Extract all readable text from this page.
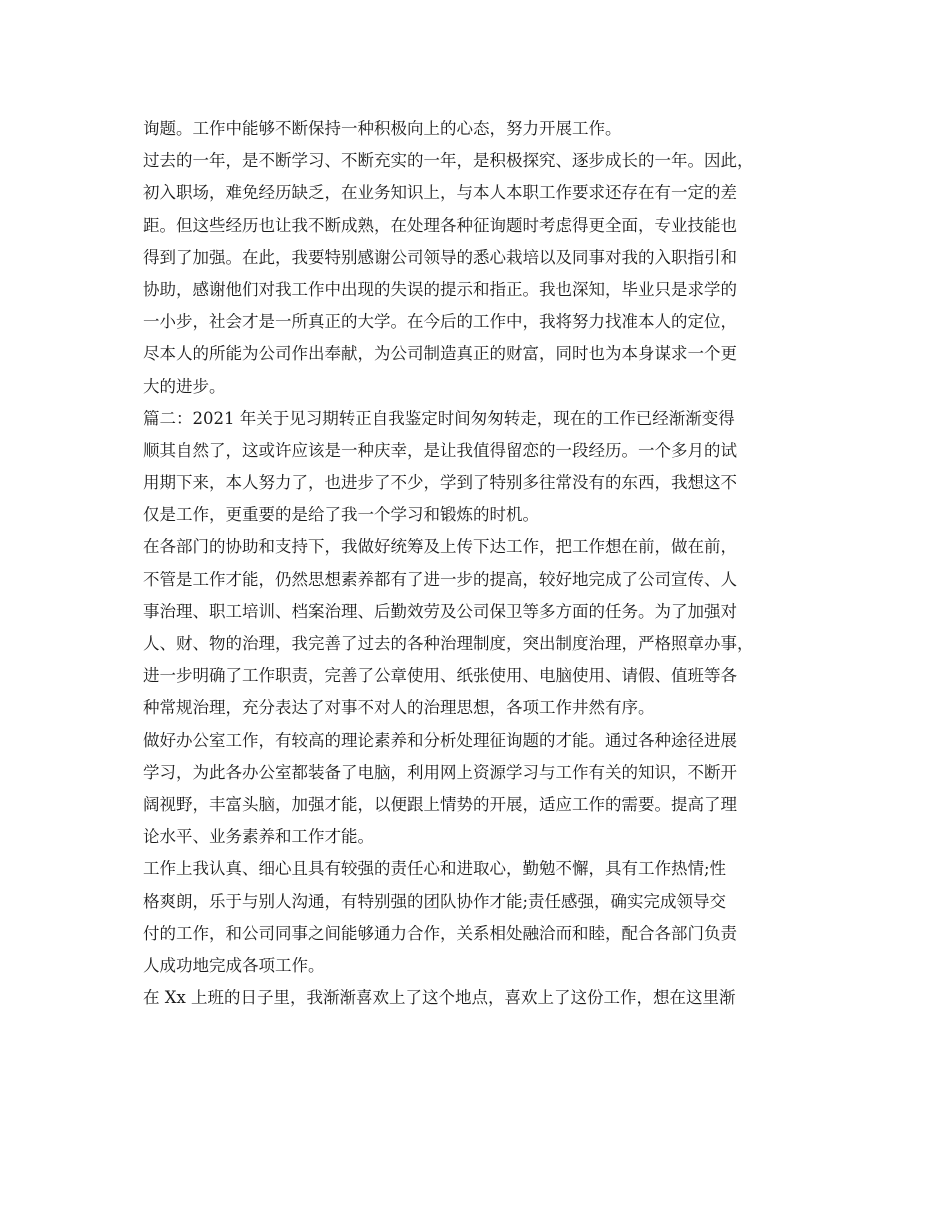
询题。工作中能够不断保持一种积极向上的心态，努力开展工作。
过去的一年，是不断学习、不断充实的一年，是积极探究、逐步成长的一年。因此，
初入职场，难免经历缺乏，在业务知识上，与本人本职工作要求还存在有一定的差
距。但这些经历也让我不断成熟，在处理各种征询题时考虑得更全面，专业技能也
得到了加强。在此，我要特别感谢公司领导的悉心栽培以及同事对我的入职指引和
协助，感谢他们对我工作中出现的失误的提示和指正。我也深知，毕业只是求学的
一小步，社会才是一所真正的大学。在今后的工作中，我将努力找准本人的定位，
尽本人的所能为公司作出奉献，为公司制造真正的财富，同时也为本身谋求一个更
大的进步。
篇二：2021 年关于见习期转正自我鉴定时间匆匆转走，现在的工作已经渐渐变得
顺其自然了，这或许应该是一种庆幸，是让我值得留恋的一段经历。一个多月的试
用期下来，本人努力了，也进步了不少，学到了特别多往常没有的东西，我想这不
仅是工作，更重要的是给了我一个学习和锻炼的时机。
在各部门的协助和支持下，我做好统筹及上传下达工作，把工作想在前，做在前，
不管是工作才能，仍然思想素养都有了进一步的提高，较好地完成了公司宣传、人
事治理、职工培训、档案治理、后勤效劳及公司保卫等多方面的任务。为了加强对
人、财、物的治理，我完善了过去的各种治理制度，突出制度治理，严格照章办事，
进一步明确了工作职责，完善了公章使用、纸张使用、电脑使用、请假、值班等各
种常规治理，充分表达了对事不对人的治理思想，各项工作井然有序。
做好办公室工作，有较高的理论素养和分析处理征询题的才能。通过各种途径进展
学习，为此各办公室都装备了电脑，利用网上资源学习与工作有关的知识，不断开
阔视野，丰富头脑，加强才能，以便跟上情势的开展，适应工作的需要。提高了理
论水平、业务素养和工作才能。
工作上我认真、细心且具有较强的责任心和进取心，勤勉不懈，具有工作热情;性
格爽朗，乐于与别人沟通，有特别强的团队协作才能;责任感强，确实完成领导交
付的工作，和公司同事之间能够通力合作，关系相处融洽而和睦，配合各部门负责
人成功地完成各项工作。
在 Xx 上班的日子里，我渐渐喜欢上了这个地点，喜欢上了这份工作，想在这里渐
